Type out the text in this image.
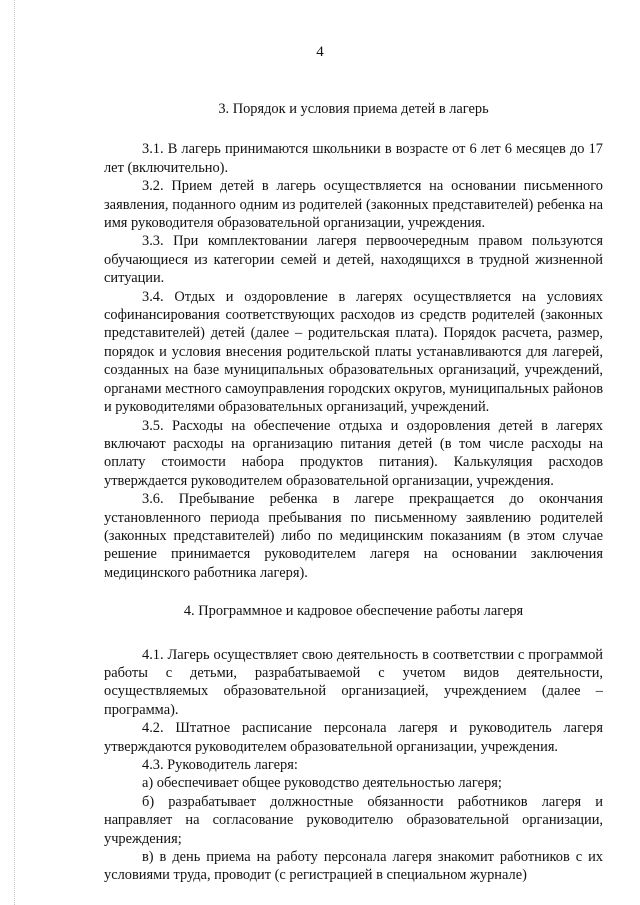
4
3. Порядок и условия приема детей в лагерь

3.1. В лагерь принимаются школьники в возрасте от 6 лет 6 месяцев до 17 лет (включительно).

3.2. Прием детей в лагерь осуществляется на основании письменного заявления, поданного одним из родителей (законных представителей) ребенка на имя руководителя образовательной организации, учреждения.

3.3. При комплектовании лагеря первоочередным правом пользуются обучающиеся из категории семей и детей, находящихся в трудной жизненной ситуации.

3.4. Отдых и оздоровление в лагерях осуществляется на условиях софинансирования соответствующих расходов из средств родителей (законных представителей) детей (далее – родительская плата). Порядок расчета, размер, порядок и условия внесения родительской платы устанавливаются для лагерей, созданных на базе муниципальных образовательных организаций, учреждений, органами местного самоуправления городских округов, муниципальных районов и руководителями образовательных организаций, учреждений.

3.5. Расходы на обеспечение отдыха и оздоровления детей в лагерях включают расходы на организацию питания детей (в том числе расходы на оплату стоимости набора продуктов питания). Калькуляция расходов утверждается руководителем образовательной организации, учреждения.

3.6. Пребывание ребенка в лагере прекращается до окончания установленного периода пребывания по письменному заявлению родителей (законных представителей) либо по медицинским показаниям (в этом случае решение принимается руководителем лагеря на основании заключения медицинского работника лагеря).

4. Программное и кадровое обеспечение работы лагеря

4.1. Лагерь осуществляет свою деятельность в соответствии с программой работы с детьми, разрабатываемой с учетом видов деятельности, осуществляемых образовательной организацией, учреждением (далее – программа).

4.2. Штатное расписание персонала лагеря и руководитель лагеря утверждаются руководителем образовательной организации, учреждения.

4.3. Руководитель лагеря:

а) обеспечивает общее руководство деятельностью лагеря;

б) разрабатывает должностные обязанности работников лагеря и направляет на согласование руководителю образовательной организации, учреждения;

в) в день приема на работу персонала лагеря знакомит работников с их условиями труда, проводит (с регистрацией в специальном журнале)
